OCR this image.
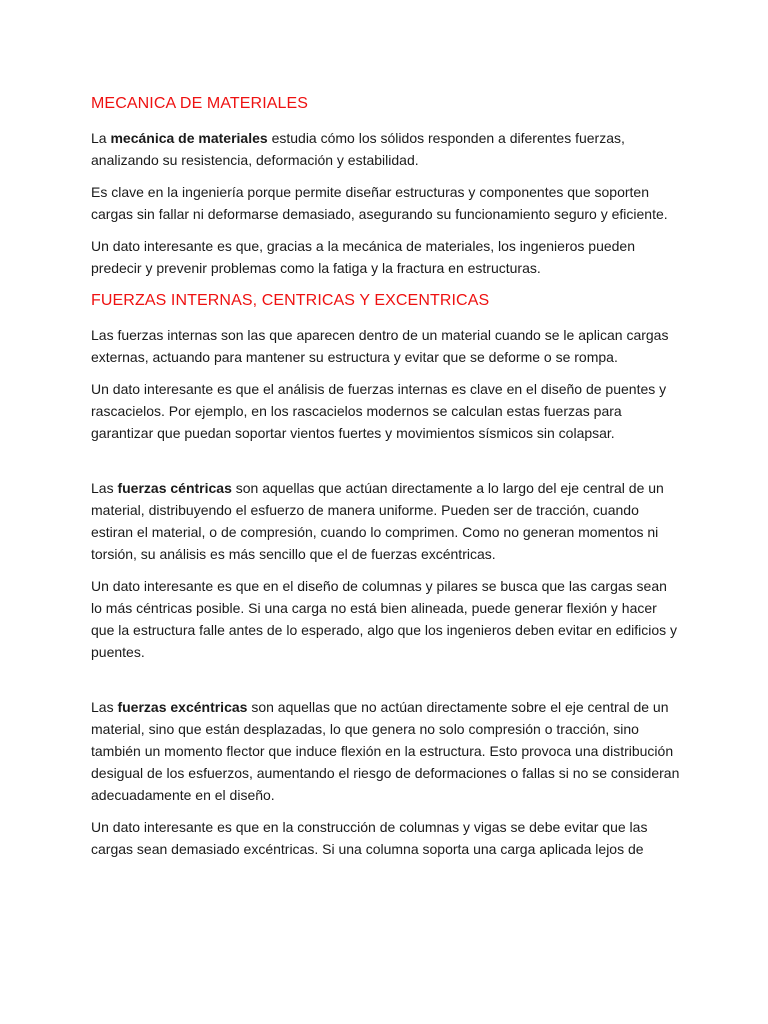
MECANICA DE MATERIALES

La mecánica de materiales estudia cómo los sólidos responden a diferentes fuerzas, analizando su resistencia, deformación y estabilidad.

Es clave en la ingeniería porque permite diseñar estructuras y componentes que soporten cargas sin fallar ni deformarse demasiado, asegurando su funcionamiento seguro y eficiente.

Un dato interesante es que, gracias a la mecánica de materiales, los ingenieros pueden predecir y prevenir problemas como la fatiga y la fractura en estructuras.

FUERZAS INTERNAS, CENTRICAS Y EXCENTRICAS

Las fuerzas internas son las que aparecen dentro de un material cuando se le aplican cargas externas, actuando para mantener su estructura y evitar que se deforme o se rompa.

Un dato interesante es que el análisis de fuerzas internas es clave en el diseño de puentes y rascacielos. Por ejemplo, en los rascacielos modernos se calculan estas fuerzas para garantizar que puedan soportar vientos fuertes y movimientos sísmicos sin colapsar.

Las fuerzas céntricas son aquellas que actúan directamente a lo largo del eje central de un material, distribuyendo el esfuerzo de manera uniforme. Pueden ser de tracción, cuando estiran el material, o de compresión, cuando lo comprimen. Como no generan momentos ni torsión, su análisis es más sencillo que el de fuerzas excéntricas.

Un dato interesante es que en el diseño de columnas y pilares se busca que las cargas sean lo más céntricas posible. Si una carga no está bien alineada, puede generar flexión y hacer que la estructura falle antes de lo esperado, algo que los ingenieros deben evitar en edificios y puentes.

Las fuerzas excéntricas son aquellas que no actúan directamente sobre el eje central de un material, sino que están desplazadas, lo que genera no solo compresión o tracción, sino también un momento flector que induce flexión en la estructura. Esto provoca una distribución desigual de los esfuerzos, aumentando el riesgo de deformaciones o fallas si no se consideran adecuadamente en el diseño.

Un dato interesante es que en la construcción de columnas y vigas se debe evitar que las cargas sean demasiado excéntricas. Si una columna soporta una carga aplicada lejos de
